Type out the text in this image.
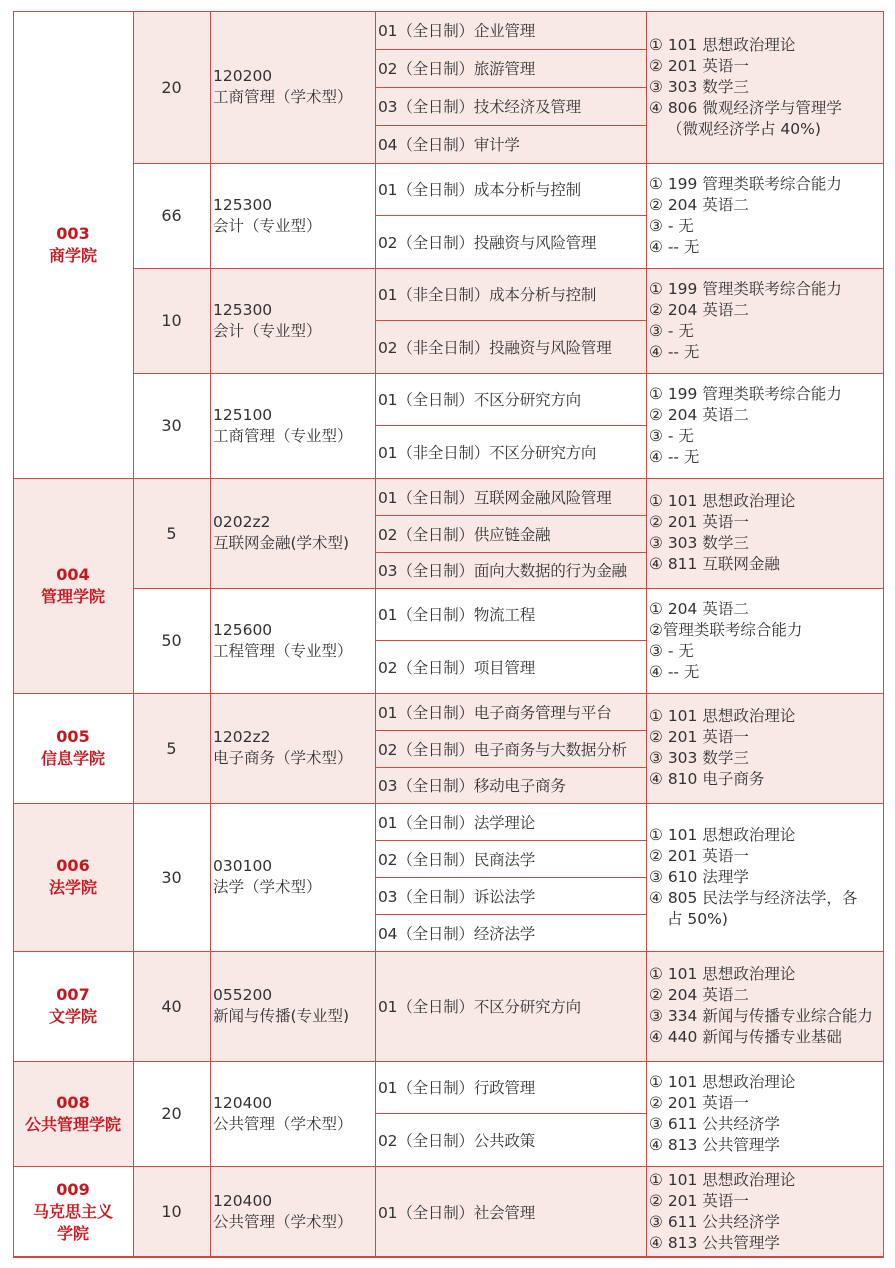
003
商学院
004
管理学院
005
信息学院
006
法学院
007
文学院
008
公共管理学院
009
马克思主义
学院
20
120200
工商管理（学术型）
01（全日制）企业管理
02（全日制）旅游管理
03（全日制）技术经济及管理
04（全日制）审计学
① 101 思想政治理论
② 201 英语一
③ 303 数学三
④ 806 微观经济学与管理学
（微观经济学占 40%)
66
125300
会计（专业型）
01（全日制）成本分析与控制
02（全日制）投融资与风险管理
① 199 管理类联考综合能力
② 204 英语二
③ - 无
④ -- 无
10
125300
会计（专业型）
01（非全日制）成本分析与控制
02（非全日制）投融资与风险管理
① 199 管理类联考综合能力
② 204 英语二
③ - 无
④ -- 无
30
125100
工商管理（专业型）
01（全日制）不区分研究方向
01（非全日制）不区分研究方向
① 199 管理类联考综合能力
② 204 英语二
③ - 无
④ -- 无
5
0202z2
互联网金融(学术型)
01（全日制）互联网金融风险管理
02（全日制）供应链金融
03（全日制）面向大数据的行为金融
① 101 思想政治理论
② 201 英语一
③ 303 数学三
④ 811 互联网金融
50
125600
工程管理（专业型）
01（全日制）物流工程
02（全日制）项目管理
① 204 英语二
②管理类联考综合能力
③ - 无
④ -- 无
5
1202z2
电子商务（学术型）
01（全日制）电子商务管理与平台
02（全日制）电子商务与大数据分析
03（全日制）移动电子商务
① 101 思想政治理论
② 201 英语一
③ 303 数学三
④ 810 电子商务
30
030100
法学（学术型）
01（全日制）法学理论
02（全日制）民商法学
03（全日制）诉讼法学
04（全日制）经济法学
① 101 思想政治理论
② 201 英语一
③ 610 法理学
④ 805 民法学与经济法学，各
占 50%)
40
055200
新闻与传播(专业型) 01（全日制）不区分研究方向
① 101 思想政治理论
② 204 英语二
③ 334 新闻与传播专业综合能力
④ 440 新闻与传播专业基础
20
120400
公共管理（学术型）
01（全日制）行政管理
02（全日制）公共政策
① 101 思想政治理论
② 201 英语一
③ 611 公共经济学
④ 813 公共管理学
10
120400
公共管理（学术型） 01（全日制）社会管理
① 101 思想政治理论
② 201 英语一
③ 611 公共经济学
④ 813 公共管理学
